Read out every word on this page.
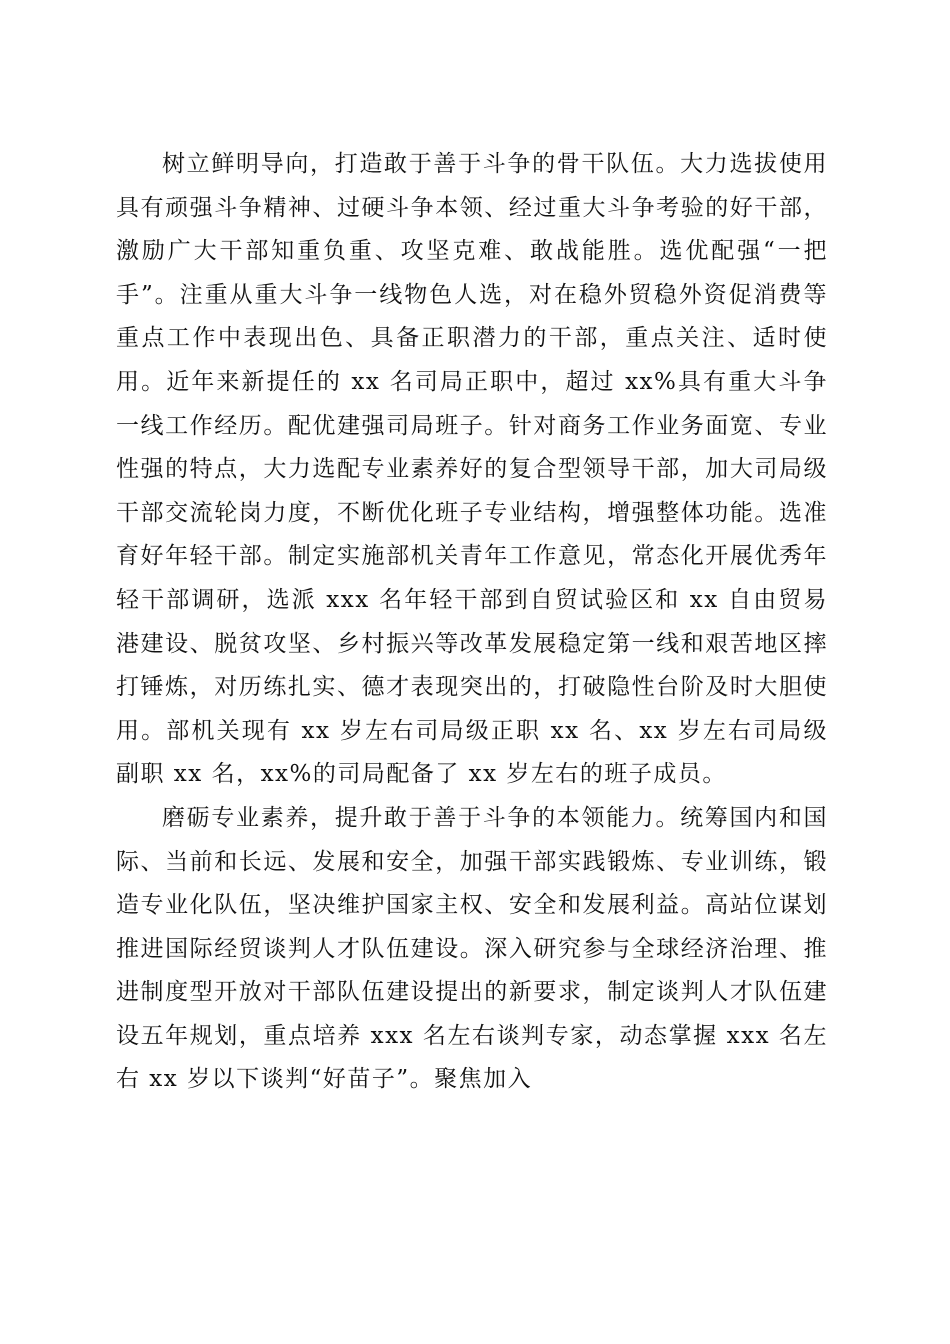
树立鲜明导向，打造敢于善于斗争的骨干队伍。大力选拔使用具有顽强斗争精神、过硬斗争本领、经过重大斗争考验的好干部，激励广大干部知重负重、攻坚克难、敢战能胜。选优配强“一把手”。注重从重大斗争一线物色人选，对在稳外贸稳外资促消费等重点工作中表现出色、具备正职潜力的干部，重点关注、适时使用。近年来新提任的 xx 名司局正职中，超过 xx%具有重大斗争一线工作经历。配优建强司局班子。针对商务工作业务面宽、专业性强的特点，大力选配专业素养好的复合型领导干部，加大司局级干部交流轮岗力度，不断优化班子专业结构，增强整体功能。选准育好年轻干部。制定实施部机关青年工作意见，常态化开展优秀年轻干部调研，选派 xxx 名年轻干部到自贸试验区和 xx 自由贸易港建设、脱贫攻坚、乡村振兴等改革发展稳定第一线和艰苦地区摔打锤炼，对历练扎实、德才表现突出的，打破隐性台阶及时大胆使用。部机关现有 xx 岁左右司局级正职 xx 名、xx 岁左右司局级副职 xx 名，xx%的司局配备了 xx 岁左右的班子成员。

磨砺专业素养，提升敢于善于斗争的本领能力。统筹国内和国际、当前和长远、发展和安全，加强干部实践锻炼、专业训练，锻造专业化队伍，坚决维护国家主权、安全和发展利益。高站位谋划推进国际经贸谈判人才队伍建设。深入研究参与全球经济治理、推进制度型开放对干部队伍建设提出的新要求，制定谈判人才队伍建设五年规划，重点培养 xxx 名左右谈判专家，动态掌握 xxx 名左右 xx 岁以下谈判“好苗子”。聚焦加入
